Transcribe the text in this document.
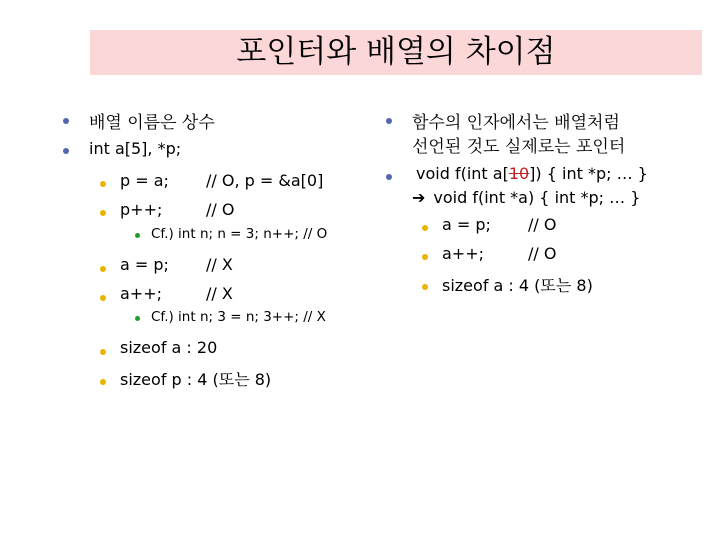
포인터와 배열의 차이점
배열 이름은 상수
int a[5], *p;
p = a; // O, p = &a[0]
p++;	// O
Cf.) int n; n = 3; n++; // O
a = p; // X
a++;	// X
Cf.) int n; 3 = n; 3++; // X
sizeof a : 20
sizeof p : 4 (또는 8)
함수의 인자에서는 배열처럼
선언된 것도 실제로는 포인터
void f(int a[10]) { int *p; … }
➔ void f(int *a) { int *p; … }
a = p; // O
a++;	// O
sizeof a : 4 (또는 8)
